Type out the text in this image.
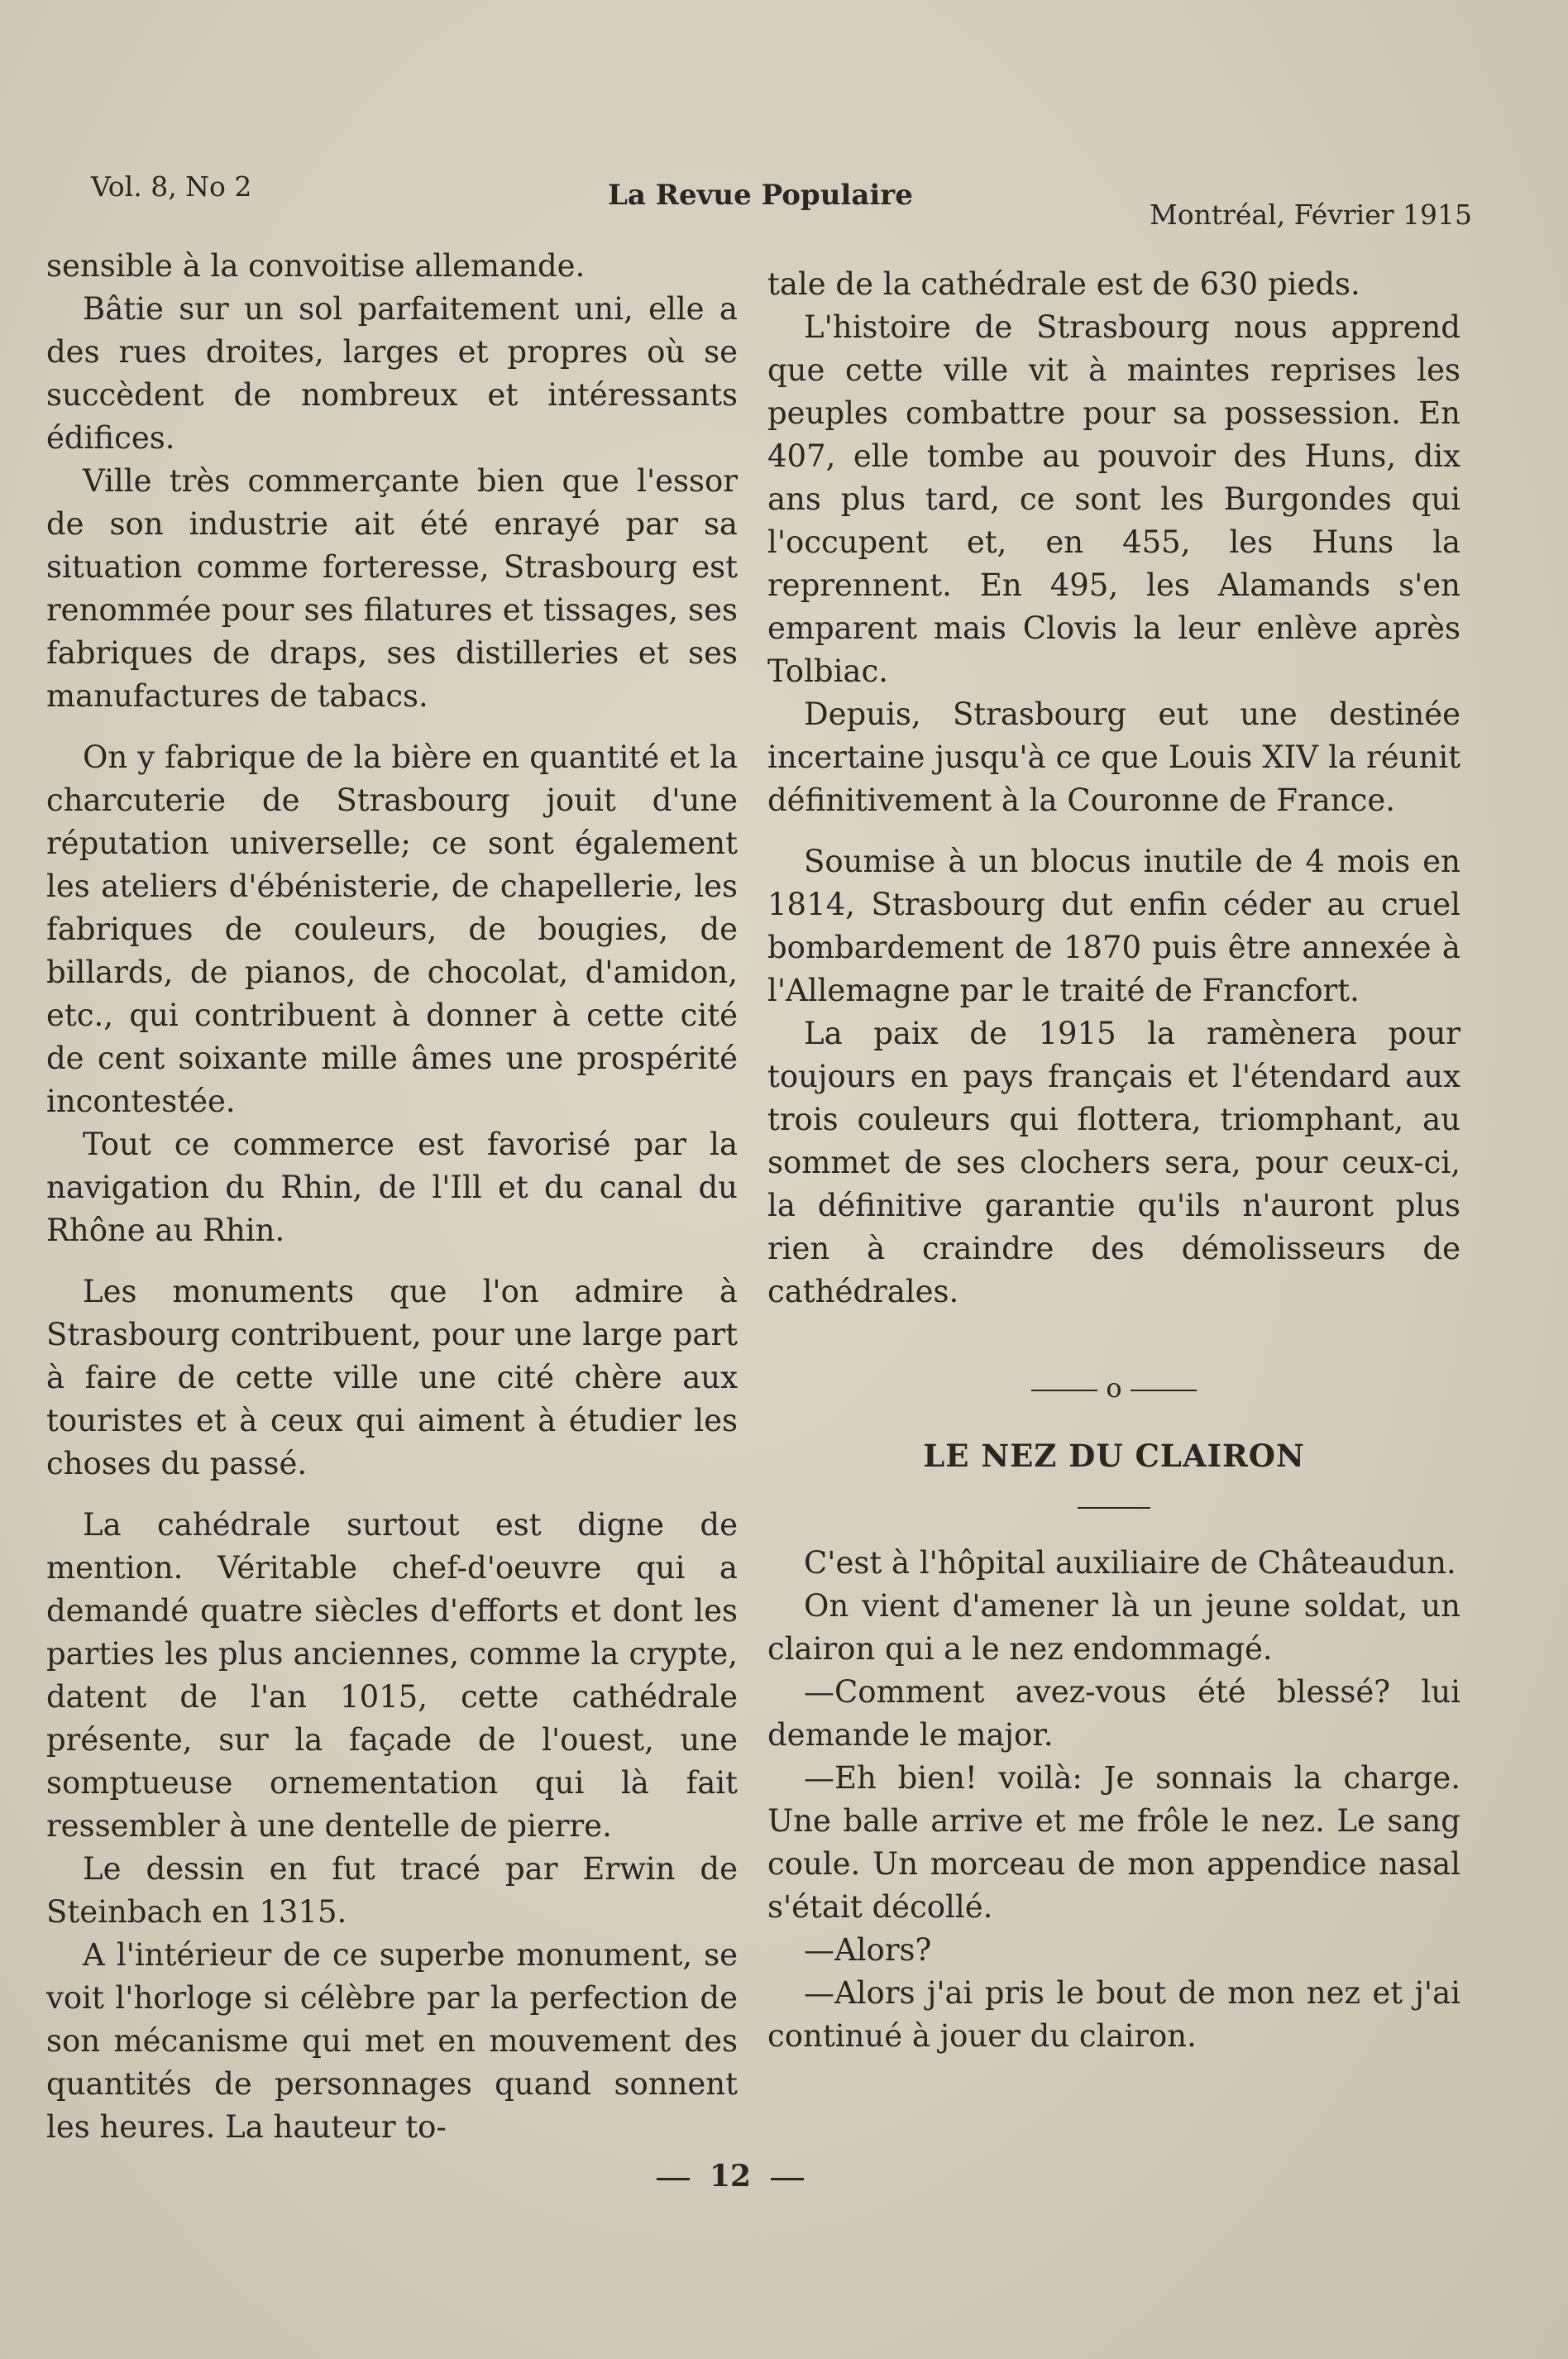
Vol. 8, No 2	La Revue Populaire
Montréal, Février 1915

sensible à la convoitise allemande.

Bâtie sur un sol parfaitement uni, elle a des rues droites, larges et propres où se succèdent de nombreux et intéressants édifices.

Ville très commerçante bien que l'essor de son industrie ait été enrayé par sa situation comme forteresse, Strasbourg est renommée pour ses filatures et tissages, ses fabriques de draps, ses distilleries et ses manufactures de tabacs.

On y fabrique de la bière en quantité et la charcuterie de Strasbourg jouit d'une réputation universelle; ce sont également les ateliers d'ébénisterie, de chapellerie, les fabriques de couleurs, de bougies, de billards, de pianos, de chocolat, d'amidon, etc., qui contribuent à donner à cette cité de cent soixante mille âmes une prospérité incontestée.

Tout ce commerce est favorisé par la navigation du Rhin, de l'Ill et du canal du Rhône au Rhin.

Les monuments que l'on admire à Strasbourg contribuent, pour une large part à faire de cette ville une cité chère aux touristes et à ceux qui aiment à étudier les choses du passé.

La cahédrale surtout est digne de mention. Véritable chef-d'oeuvre qui a demandé quatre siècles d'efforts et dont les parties les plus anciennes, comme la crypte, datent de l'an 1015, cette cathédrale présente, sur la façade de l'ouest, une somptueuse ornementation qui là fait ressembler à une dentelle de pierre.

Le dessin en fut tracé par Erwin de Steinbach en 1315.

A l'intérieur de ce superbe monument, se voit l'horloge si célèbre par la perfection de son mécanisme qui met en mouvement des quantités de personnages quand sonnent les heures. La hauteur to-

tale de la cathédrale est de 630 pieds.

L'histoire de Strasbourg nous apprend que cette ville vit à maintes reprises les peuples combattre pour sa possession. En 407, elle tombe au pouvoir des Huns, dix ans plus tard, ce sont les Burgondes qui l'occupent et, en 455, les Huns la reprennent. En 495, les Alamands s'en emparent mais Clovis la leur enlève après Tolbiac.

Depuis, Strasbourg eut une destinée incertaine jusqu'à ce que Louis XIV la réunit définitivement à la Couronne de France.

Soumise à un blocus inutile de 4 mois en 1814, Strasbourg dut enfin céder au cruel bombardement de 1870 puis être annexée à l'Allemagne par le traité de Francfort.

La paix de 1915 la ramènera pour toujours en pays français et l'étendard aux trois couleurs qui flottera, triomphant, au sommet de ses clochers sera, pour ceux-ci, la définitive garantie qu'ils n'auront plus rien à craindre des démolisseurs de cathédrales.

o
LE NEZ DU CLAIRON

C'est à l'hôpital auxiliaire de Châteaudun.

On vient d'amener là un jeune soldat, un clairon qui a le nez endommagé.

—Comment avez-vous été blessé? lui demande le major.

—Eh bien! voilà: Je sonnais la charge. Une balle arrive et me frôle le nez. Le sang coule. Un morceau de mon appendice nasal s'était décollé.

—Alors?

—Alors j'ai pris le bout de mon nez et j'ai continué à jouer du clairon.

12
